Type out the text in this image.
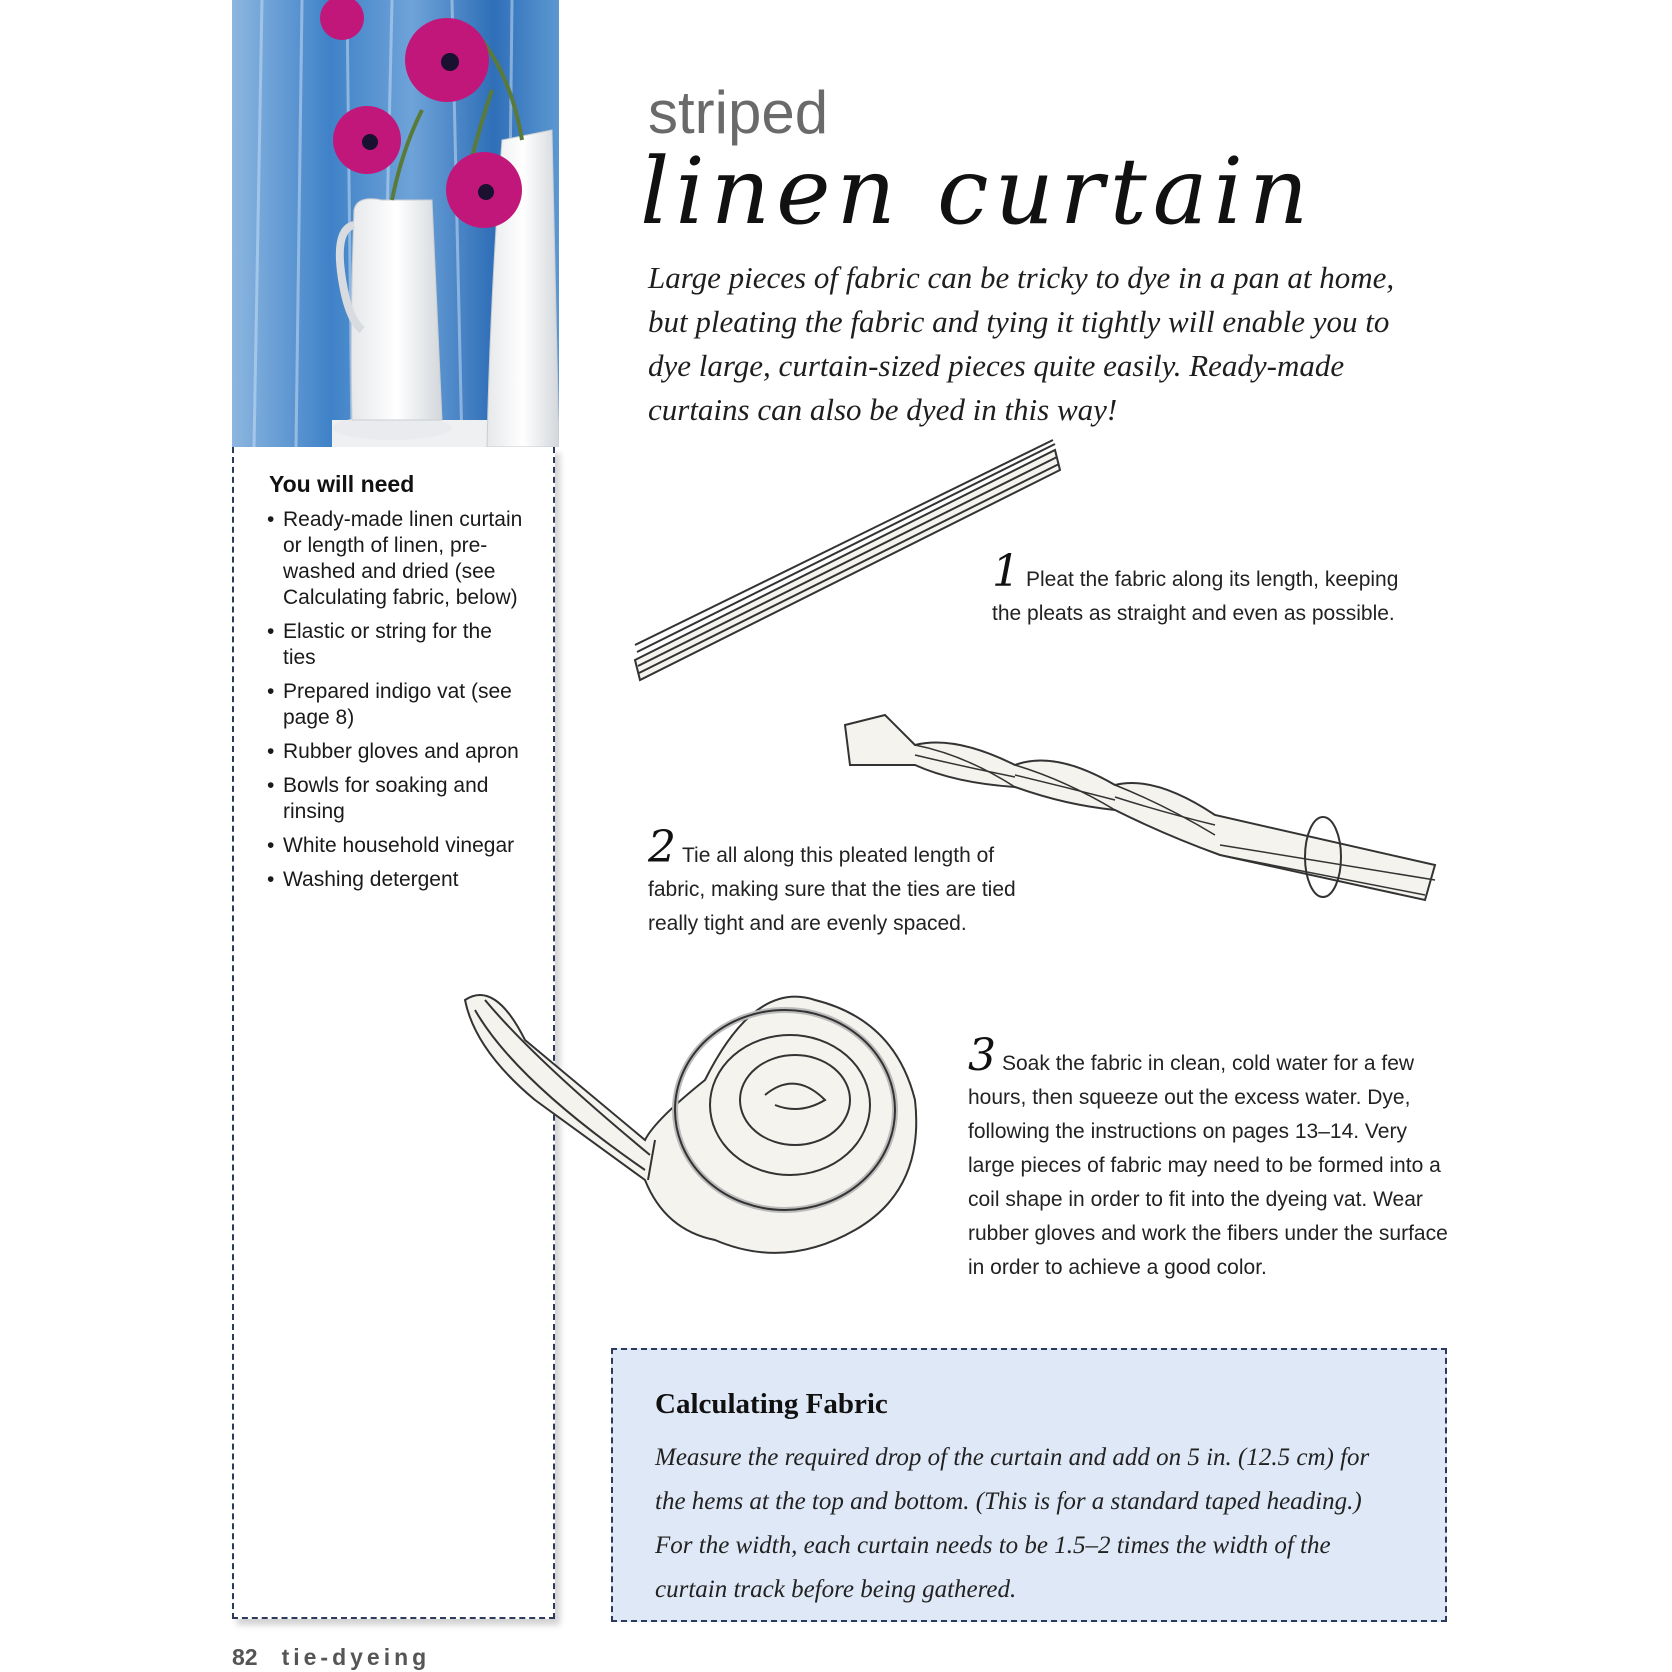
You will need
• Ready-made linen curtain or length of linen, pre-washed and dried (see Calculating fabric, below)
• Elastic or string for the ties
• Prepared indigo vat (see page 8)
• Rubber gloves and apron
• Bowls for soaking and rinsing
• White household vinegar
• Washing detergent
striped
linen curtain
Large pieces of fabric can be tricky to dye in a pan at home, but pleating the fabric and tying it tightly will enable you to dye large, curtain-sized pieces quite easily. Ready-made curtains can also be dyed in this way!
1 Pleat the fabric along its length, keeping the pleats as straight and even as possible.
2 Tie all along this pleated length of fabric, making sure that the ties are tied really tight and are evenly spaced.
3 Soak the fabric in clean, cold water for a few hours, then squeeze out the excess water. Dye, following the instructions on pages 13–14. Very large pieces of fabric may need to be formed into a coil shape in order to fit into the dyeing vat. Wear rubber gloves and work the fibers under the surface in order to achieve a good color.
Calculating Fabric
Measure the required drop of the curtain and add on 5 in. (12.5 cm) for the hems at the top and bottom. (This is for a standard taped heading.) For the width, each curtain needs to be 1.5–2 times the width of the curtain track before being gathered.
82 tie-dyeing
